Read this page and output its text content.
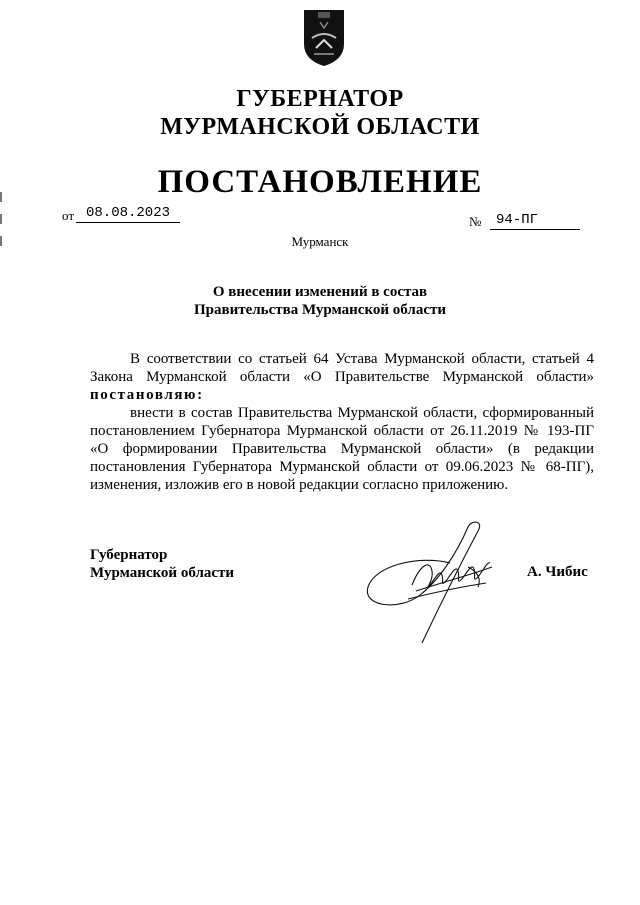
ГУБЕРНАТОР
МУРМАНСКОЙ ОБЛАСТИ
ПОСТАНОВЛЕНИЕ
от 08.08.2023
№	94-ПГ
Мурманск
О внесении изменений в состав
Правительства Мурманской области
В соответствии со статьей 64 Устава Мурманской области, статьей 4 Закона Мурманской области «О Правительстве Мурманской области» постановляю:
внести в состав Правительства Мурманской области, сформированный постановлением Губернатора Мурманской области от 26.11.2019 № 193-ПГ «О формировании Правительства Мурманской области» (в редакции постановления Губернатора Мурманской области от 09.06.2023 № 68-ПГ), изменения, изложив его в новой редакции согласно приложению.
Губернатор
Мурманской области	А. Чибис
